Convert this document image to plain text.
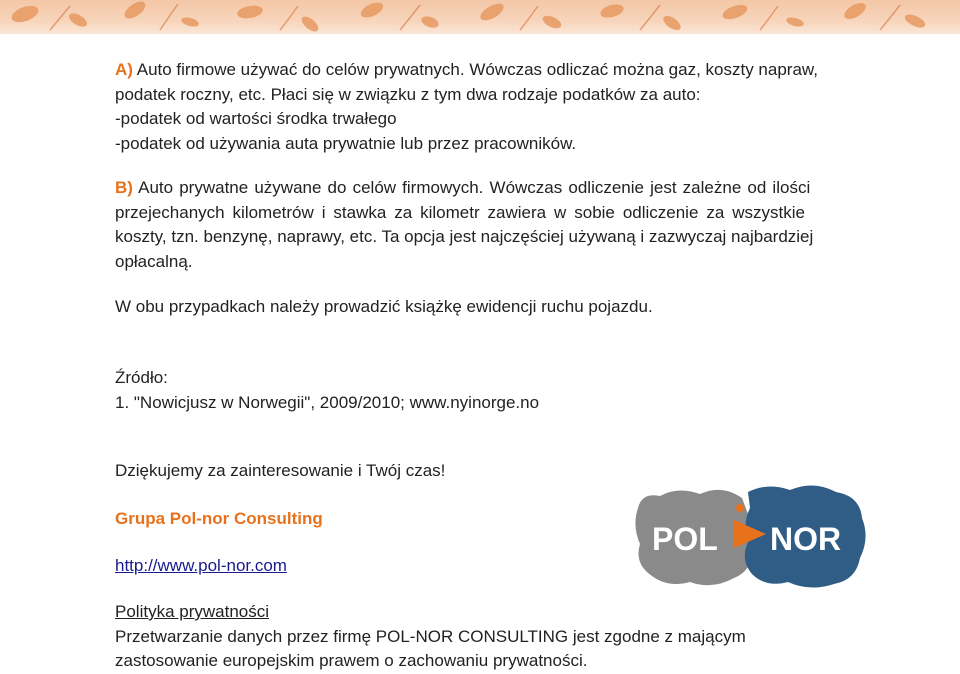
A) Auto firmowe używać do celów prywatnych. Wówczas odliczać można gaz, koszty napraw,
podatek roczny, etc. Płaci się w związku z tym dwa rodzaje podatków za auto:
-podatek od wartości środka trwałego
-podatek od używania auta prywatnie lub przez pracowników.
B) Auto prywatne używane do celów firmowych. Wówczas odliczenie jest zależne od ilości
przejechanych kilometrów i stawka za kilometr zawiera w sobie odliczenie za wszystkie
koszty, tzn. benzynę, naprawy, etc. Ta opcja jest najczęściej używaną i zazwyczaj najbardziej
opłacalną.

W obu przypadkach należy prowadzić książkę ewidencji ruchu pojazdu.

Źródło:
1. "Nowicjusz w Norwegii", 2009/2010; www.nyinorge.no

Dziękujemy za zainteresowanie i Twój czas!

Grupa Pol-nor Consulting

http://www.pol-nor.com

Polityka prywatności
Przetwarzanie danych przez firmę POL-NOR CONSULTING jest zgodne z mającym
zastosowanie europejskim prawem o zachowaniu prywatności.
POL NOR
